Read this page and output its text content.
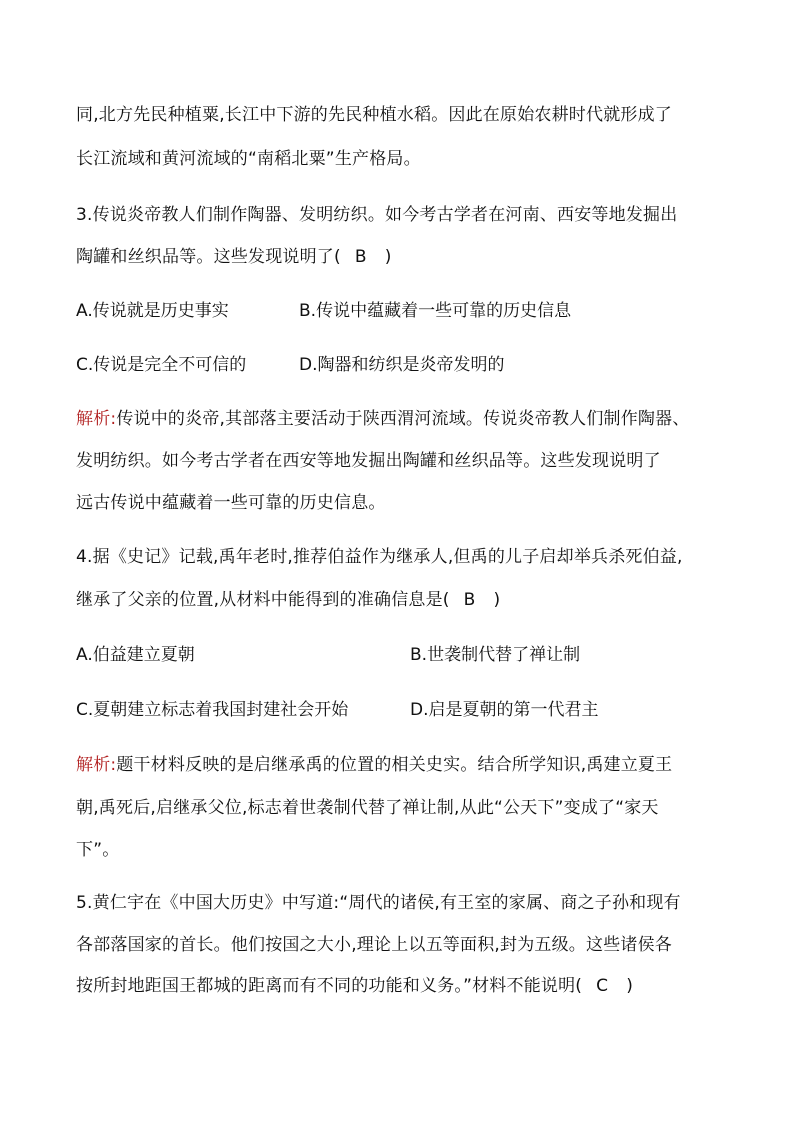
同,北方先民种植粟,长江中下游的先民种植水稻。因此在原始农耕时代就形成了
长江流域和黄河流域的“南稻北粟”生产格局。
3.传说炎帝教人们制作陶器、发明纺织。如今考古学者在河南、西安等地发掘出
陶罐和丝织品等。这些发现说明了( B )
A.传说就是历史事实	B.传说中蕴藏着一些可靠的历史信息
C.传说是完全不可信的	D.陶器和纺织是炎帝发明的
解析:传说中的炎帝,其部落主要活动于陕西渭河流域。传说炎帝教人们制作陶器、
发明纺织。如今考古学者在西安等地发掘出陶罐和丝织品等。这些发现说明了
远古传说中蕴藏着一些可靠的历史信息。
4.据《史记》记载,禹年老时,推荐伯益作为继承人,但禹的儿子启却举兵杀死伯益,
继承了父亲的位置,从材料中能得到的准确信息是( B )
A.伯益建立夏朝	B.世袭制代替了禅让制
C.夏朝建立标志着我国封建社会开始	D.启是夏朝的第一代君主
解析:题干材料反映的是启继承禹的位置的相关史实。结合所学知识,禹建立夏王
朝,禹死后,启继承父位,标志着世袭制代替了禅让制,从此“公天下”变成了“家天
下”。
5.黄仁宇在《中国大历史》中写道:“周代的诸侯,有王室的家属、商之子孙和现有
各部落国家的首长。他们按国之大小,理论上以五等面积,封为五级。这些诸侯各
按所封地距国王都城的距离而有不同的功能和义务。”材料不能说明( C )
